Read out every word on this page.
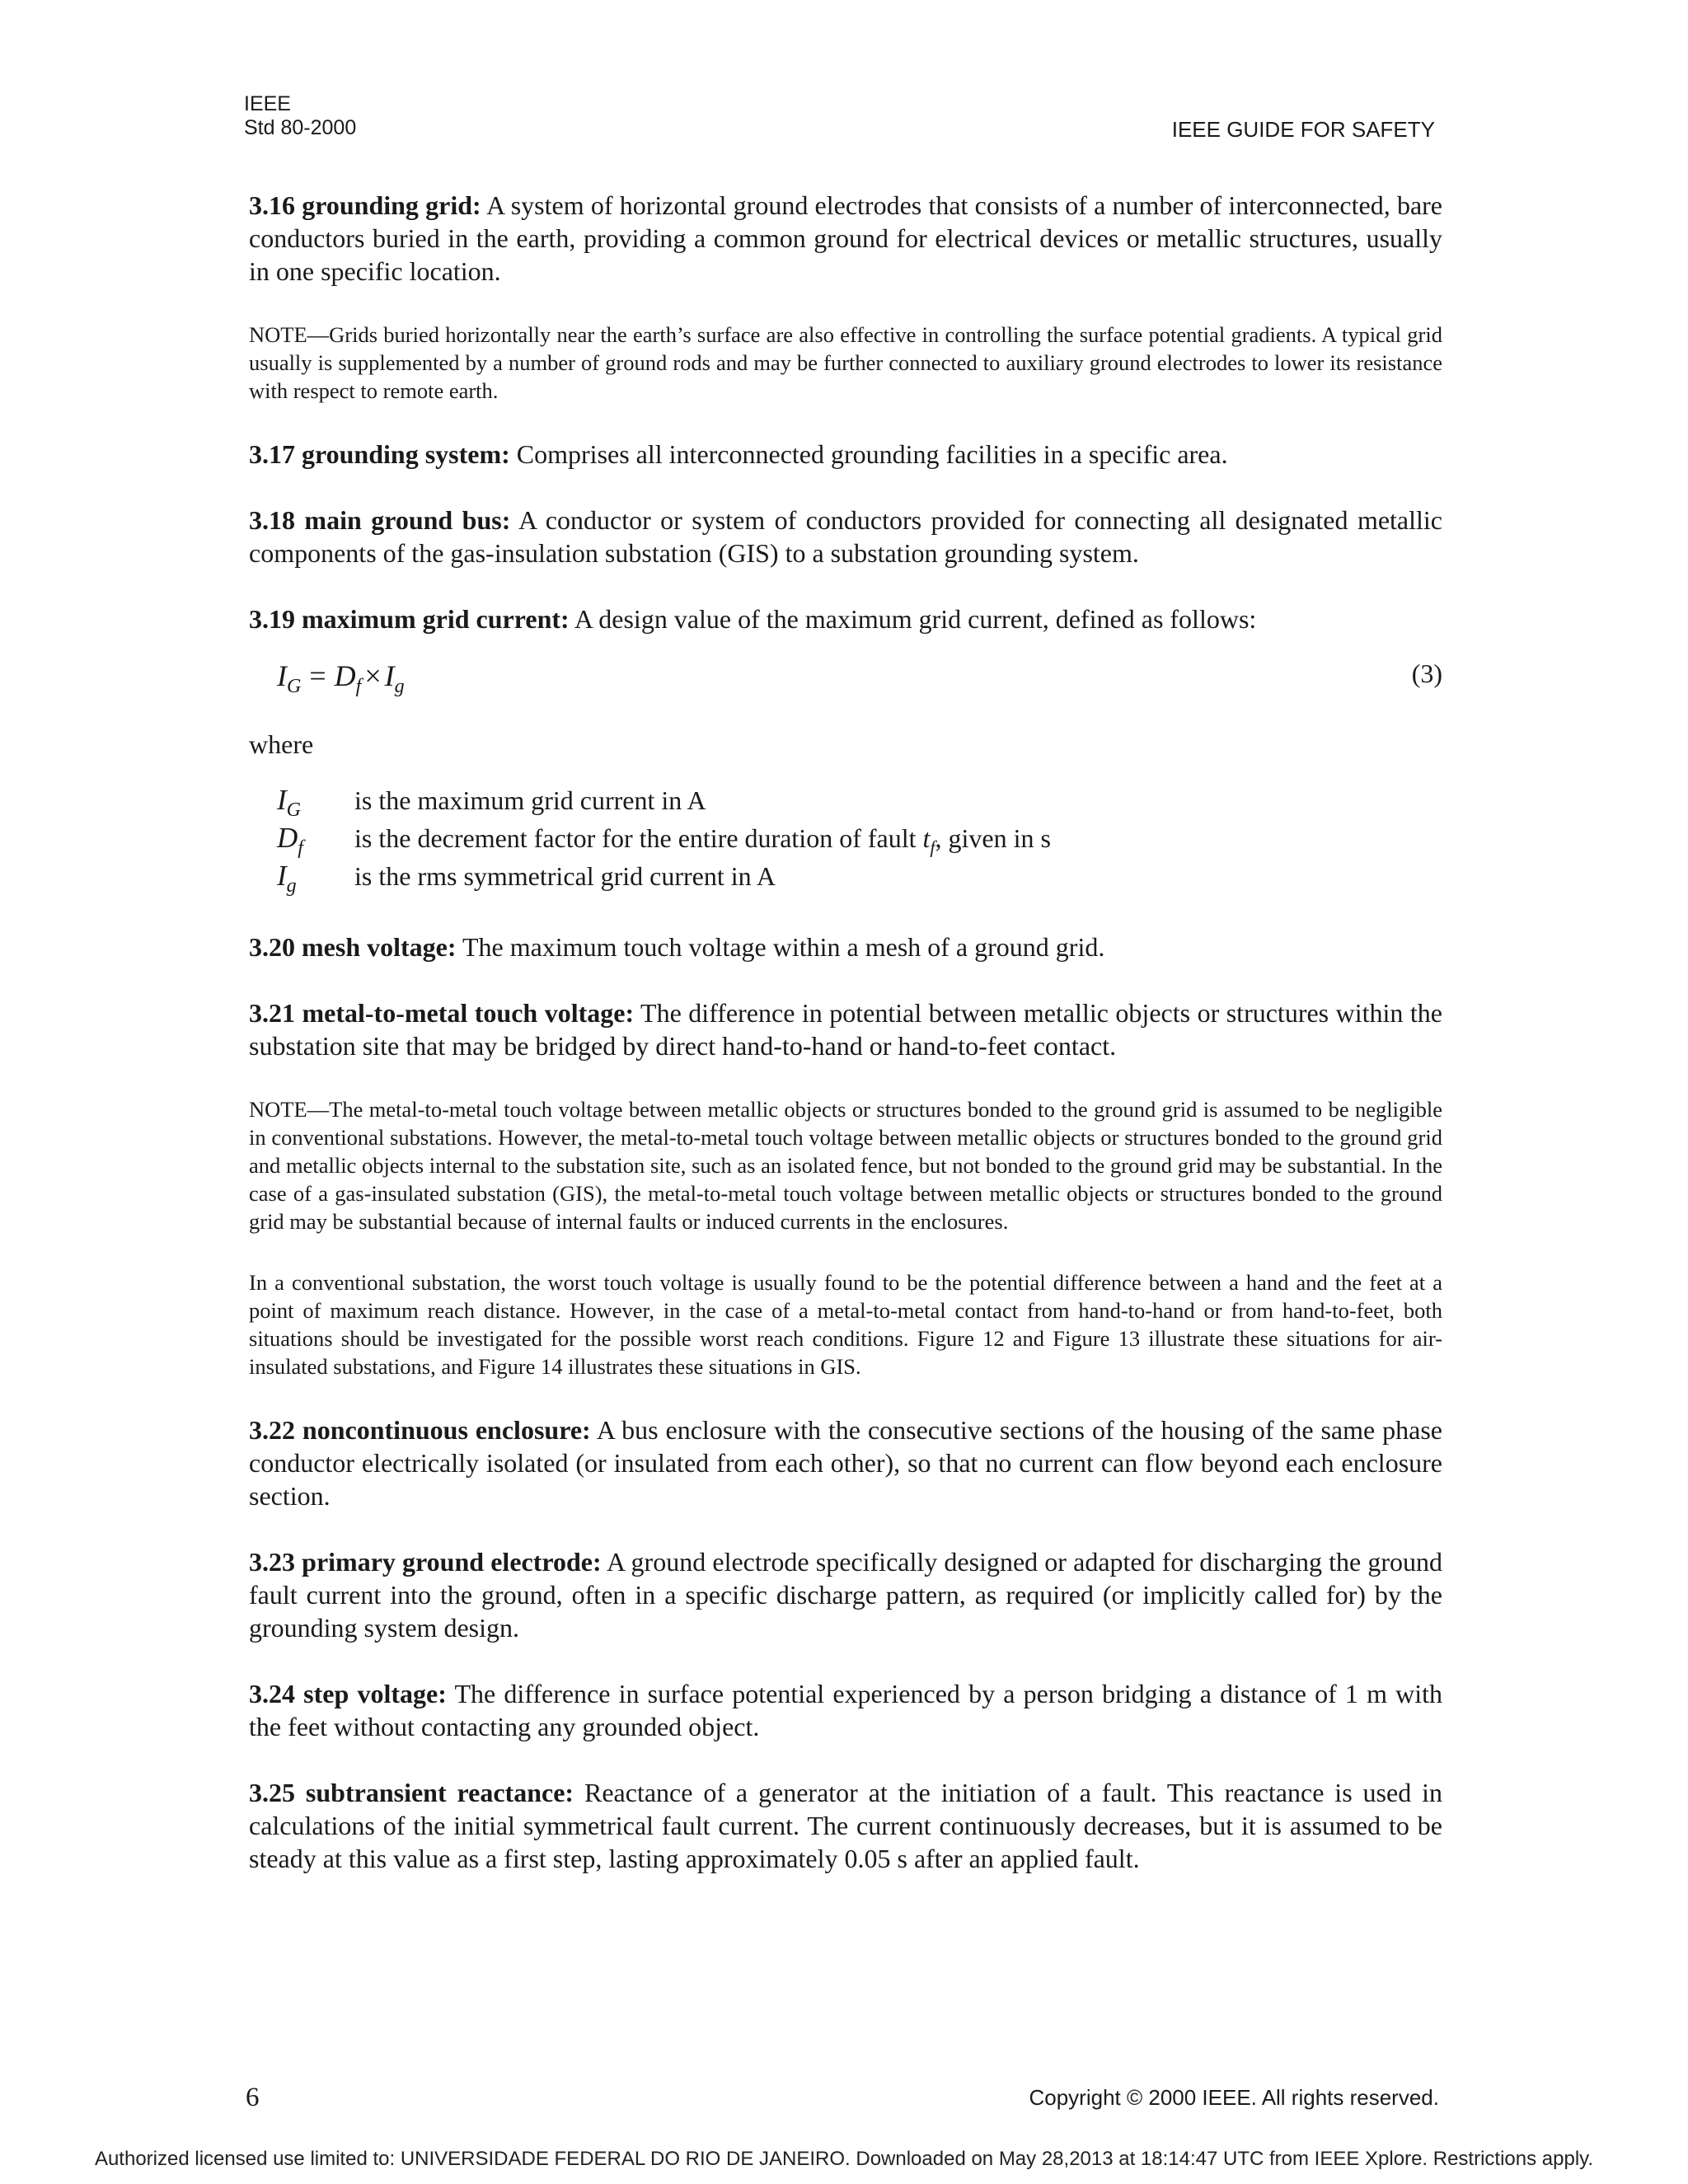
IEEE
Std 80-2000	IEEE GUIDE FOR SAFETY

3.16 grounding grid: A system of horizontal ground electrodes that consists of a number of interconnected, bare conductors buried in the earth, providing a common ground for electrical devices or metallic structures, usually in one specific location.

NOTE—Grids buried horizontally near the earth’s surface are also effective in controlling the surface potential gradients. A typical grid usually is supplemented by a number of ground rods and may be further connected to auxiliary ground electrodes to lower its resistance with respect to remote earth.

3.17 grounding system: Comprises all interconnected grounding facilities in a specific area.

3.18 main ground bus: A conductor or system of conductors provided for connecting all designated metallic components of the gas-insulation substation (GIS) to a substation grounding system.

3.19 maximum grid current: A design value of the maximum grid current, defined as follows:

$I_G = D_f \times I_g$	(3)
where
$I_G$	is the maximum grid current in A
$D_f$	is the decrement factor for the entire duration of fault $t_f$, given in s
$I_g$	is the rms symmetrical grid current in A

3.20 mesh voltage: The maximum touch voltage within a mesh of a ground grid.

3.21 metal-to-metal touch voltage: The difference in potential between metallic objects or structures within the substation site that may be bridged by direct hand-to-hand or hand-to-feet contact.

NOTE—The metal-to-metal touch voltage between metallic objects or structures bonded to the ground grid is assumed to be negligible in conventional substations. However, the metal-to-metal touch voltage between metallic objects or structures bonded to the ground grid and metallic objects internal to the substation site, such as an isolated fence, but not bonded to the ground grid may be substantial. In the case of a gas-insulated substation (GIS), the metal-to-metal touch voltage between metallic objects or structures bonded to the ground grid may be substantial because of internal faults or induced currents in the enclosures.

In a conventional substation, the worst touch voltage is usually found to be the potential difference between a hand and the feet at a point of maximum reach distance. However, in the case of a metal-to-metal contact from hand-to-hand or from hand-to-feet, both situations should be investigated for the possible worst reach conditions. Figure 12 and Figure 13 illustrate these situations for air-insulated substations, and Figure 14 illustrates these situations in GIS.

3.22 noncontinuous enclosure: A bus enclosure with the consecutive sections of the housing of the same phase conductor electrically isolated (or insulated from each other), so that no current can flow beyond each enclosure section.

3.23 primary ground electrode: A ground electrode specifically designed or adapted for discharging the ground fault current into the ground, often in a specific discharge pattern, as required (or implicitly called for) by the grounding system design.

3.24 step voltage: The difference in surface potential experienced by a person bridging a distance of 1 m with the feet without contacting any grounded object.

3.25 subtransient reactance: Reactance of a generator at the initiation of a fault. This reactance is used in calculations of the initial symmetrical fault current. The current continuously decreases, but it is assumed to be steady at this value as a first step, lasting approximately 0.05 s after an applied fault.

6	Copyright © 2000 IEEE. All rights reserved.
Authorized licensed use limited to: UNIVERSIDADE FEDERAL DO RIO DE JANEIRO. Downloaded on May 28,2013 at 18:14:47 UTC from IEEE Xplore. Restrictions apply.
